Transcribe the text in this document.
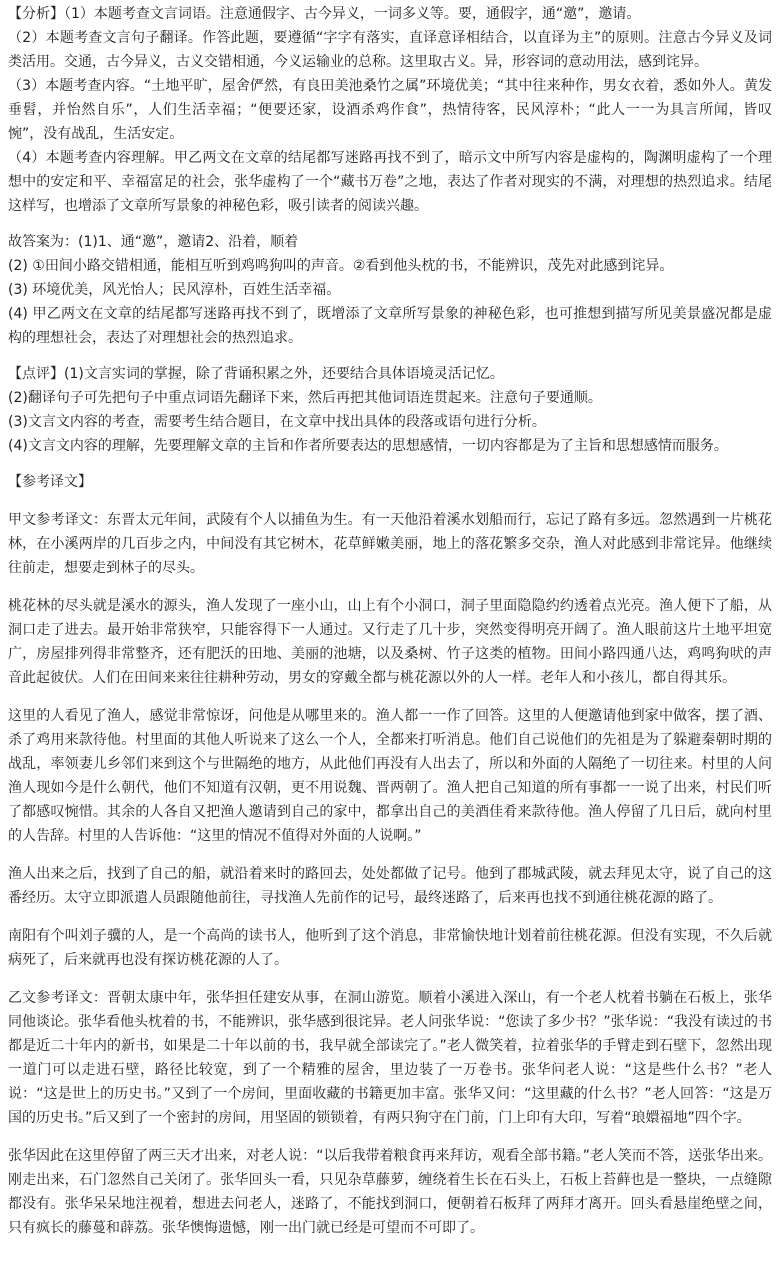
【分析】（1）本题考查文言词语。注意通假字、古今异义，一词多义等。要，通假字，通“邀”，邀请。

（2）本题考查文言句子翻译。作答此题，要遵循“字字有落实，直译意译相结合，以直译为主”的原则。注意古今异义及词类活用。交通，古今异义，古义交错相通，今义运输业的总称。这里取古义。异，形容词的意动用法，感到诧异。

（3）本题考查内容。“土地平旷，屋舍俨然，有良田美池桑竹之属”环境优美；“其中往来种作，男女衣着，悉如外人。黄发垂髫，并怡然自乐”，人们生活幸福；“便要还家，设酒杀鸡作食”，热情待客，民风淳朴；“此人一一为具言所闻，皆叹惋”，没有战乱，生活安定。

（4）本题考查内容理解。甲乙两文在文章的结尾都写迷路再找不到了，暗示文中所写内容是虚构的，陶渊明虚构了一个理想中的安定和平、幸福富足的社会，张华虚构了一个“藏书万卷”之地，表达了作者对现实的不满，对理想的热烈追求。结尾这样写，也增添了文章所写景象的神秘色彩，吸引读者的阅读兴趣。

故答案为：(1)1、通“邀”，邀请2、沿着，顺着

(2) ①田间小路交错相通，能相互听到鸡鸣狗叫的声音。②看到他头枕的书，不能辨识，茂先对此感到诧异。

(3) 环境优美，风光怡人；民风淳朴，百姓生活幸福。

(4) 甲乙两文在文章的结尾都写迷路再找不到了，既增添了文章所写景象的神秘色彩，也可推想到描写所见美景盛况都是虚构的理想社会，表达了对理想社会的热烈追求。

【点评】(1)文言实词的掌握，除了背诵积累之外，还要结合具体语境灵活记忆。

(2)翻译句子可先把句子中重点词语先翻译下来，然后再把其他词语连贯起来。注意句子要通顺。

(3)文言文内容的考查，需要考生结合题目，在文章中找出具体的段落或语句进行分析。

(4)文言文内容的理解，先要理解文章的主旨和作者所要表达的思想感情，一切内容都是为了主旨和思想感情而服务。

【参考译文】

甲文参考译文：东晋太元年间，武陵有个人以捕鱼为生。有一天他沿着溪水划船而行，忘记了路有多远。忽然遇到一片桃花林，在小溪两岸的几百步之内，中间没有其它树木，花草鲜嫩美丽，地上的落花繁多交杂，渔人对此感到非常诧异。他继续往前走，想要走到林子的尽头。

桃花林的尽头就是溪水的源头，渔人发现了一座小山，山上有个小洞口，洞子里面隐隐约约透着点光亮。渔人便下了船，从洞口走了进去。最开始非常狭窄，只能容得下一人通过。又行走了几十步，突然变得明亮开阔了。渔人眼前这片土地平坦宽广，房屋排列得非常整齐，还有肥沃的田地、美丽的池塘，以及桑树、竹子这类的植物。田间小路四通八达，鸡鸣狗吠的声音此起彼伏。人们在田间来来往往耕种劳动，男女的穿戴全都与桃花源以外的人一样。老年人和小孩儿，都自得其乐。

这里的人看见了渔人，感觉非常惊讶，问他是从哪里来的。渔人都一一作了回答。这里的人便邀请他到家中做客，摆了酒、杀了鸡用来款待他。村里面的其他人听说来了这么一个人，全都来打听消息。他们自己说他们的先祖是为了躲避秦朝时期的战乱，率领妻儿乡邻们来到这个与世隔绝的地方，从此他们再没有人出去了，所以和外面的人隔绝了一切往来。村里的人问渔人现如今是什么朝代，他们不知道有汉朝，更不用说魏、晋两朝了。渔人把自己知道的所有事都一一说了出来，村民们听了都感叹惋惜。其余的人各自又把渔人邀请到自己的家中，都拿出自己的美酒佳肴来款待他。渔人停留了几日后，就向村里的人告辞。村里的人告诉他：“这里的情况不值得对外面的人说啊。”

渔人出来之后，找到了自己的船，就沿着来时的路回去，处处都做了记号。他到了郡城武陵，就去拜见太守，说了自己的这番经历。太守立即派遣人员跟随他前往，寻找渔人先前作的记号，最终迷路了，后来再也找不到通往桃花源的路了。

南阳有个叫刘子骥的人，是一个高尚的读书人，他听到了这个消息，非常愉快地计划着前往桃花源。但没有实现，不久后就病死了，后来就再也没有探访桃花源的人了。

乙文参考译文：晋朝太康中年，张华担任建安从事，在洞山游览。顺着小溪进入深山，有一个老人枕着书躺在石板上，张华同他谈论。张华看他头枕着的书，不能辨识，张华感到很诧异。老人问张华说：“您读了多少书？”张华说：“我没有读过的书都是近二十年内的新书，如果是二十年以前的书，我早就全部读完了。”老人微笑着，拉着张华的手臂走到石壁下，忽然出现一道门可以走进石壁，路径比较宽，到了一个精雅的屋舍，里边装了一万卷书。张华问老人说：“这是些什么书？”老人说：“这是世上的历史书。”又到了一个房间，里面收藏的书籍更加丰富。张华又问：“这里藏的什么书？”老人回答：“这是万国的历史书。”后又到了一个密封的房间，用坚固的锁锁着，有两只狗守在门前，门上印有大印，写着“琅嬛福地”四个字。

张华因此在这里停留了两三天才出来，对老人说：“以后我带着粮食再来拜访，观看全部书籍。”老人笑而不答，送张华出来。刚走出来，石门忽然自己关闭了。张华回头一看，只见杂草藤萝，缠绕着生长在石头上，石板上苔藓也是一整块，一点缝隙都没有。张华呆呆地注视着，想进去问老人，迷路了，不能找到洞口，便朝着石板拜了两拜才离开。回头看悬崖绝壁之间，只有疯长的藤蔓和薜荔。张华懊悔遗憾，刚一出门就已经是可望而不可即了。
